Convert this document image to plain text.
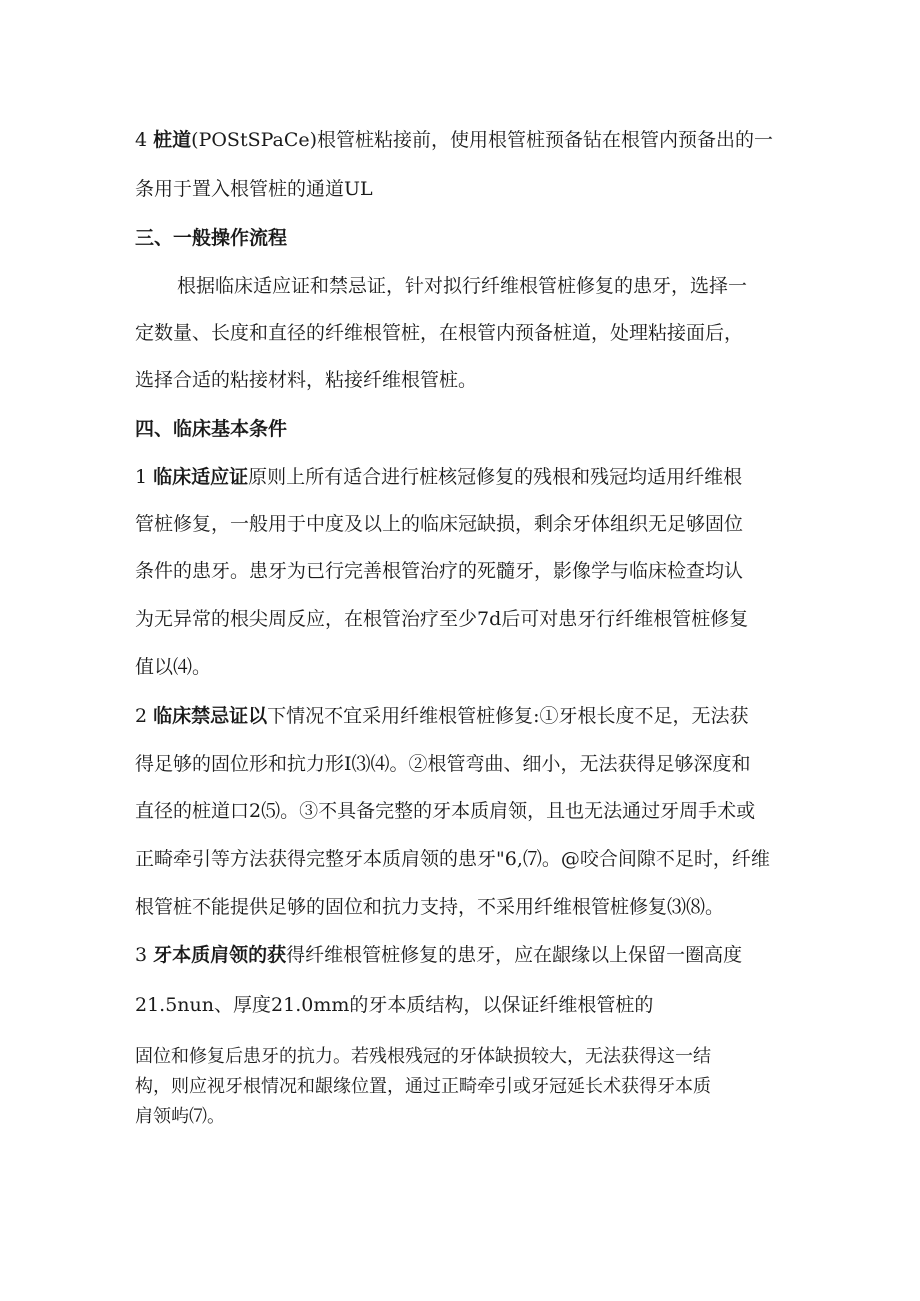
4 桩道(POStSPaCe)根管桩粘接前，使用根管桩预备钻在根管内预备出的一

条用于置入根管桩的通道UL

三、一般操作流程

根据临床适应证和禁忌证，针对拟行纤维根管桩修复的患牙，选择一

定数量、长度和直径的纤维根管桩，在根管内预备桩道，处理粘接面后，

选择合适的粘接材料，粘接纤维根管桩。

四、临床基本条件

1 临床适应证原则上所有适合进行桩核冠修复的残根和残冠均适用纤维根

管桩修复，一般用于中度及以上的临床冠缺损，剩余牙体组织无足够固位

条件的患牙。患牙为已行完善根管治疗的死髓牙，影像学与临床检查均认

为无异常的根尖周反应，在根管治疗至少7d后可对患牙行纤维根管桩修复

值以⑷。

2 临床禁忌证以下情况不宜采用纤维根管桩修复:①牙根长度不足，无法获

得足够的固位形和抗力形I⑶⑷。②根管弯曲、细小，无法获得足够深度和

直径的桩道口2⑸。③不具备完整的牙本质肩领，且也无法通过牙周手术或

正畸牵引等方法获得完整牙本质肩领的患牙"6,⑺。@咬合间隙不足时，纤维

根管桩不能提供足够的固位和抗力支持，不采用纤维根管桩修复⑶⑻。

3 牙本质肩领的获得纤维根管桩修复的患牙，应在龈缘以上保留一圈高度

21.5nun、厚度21.0mm的牙本质结构，以保证纤维根管桩的

固位和修复后患牙的抗力。若残根残冠的牙体缺损较大，无法获得这一结

构，则应视牙根情况和龈缘位置，通过正畸牵引或牙冠延长术获得牙本质

肩领屿⑺。
